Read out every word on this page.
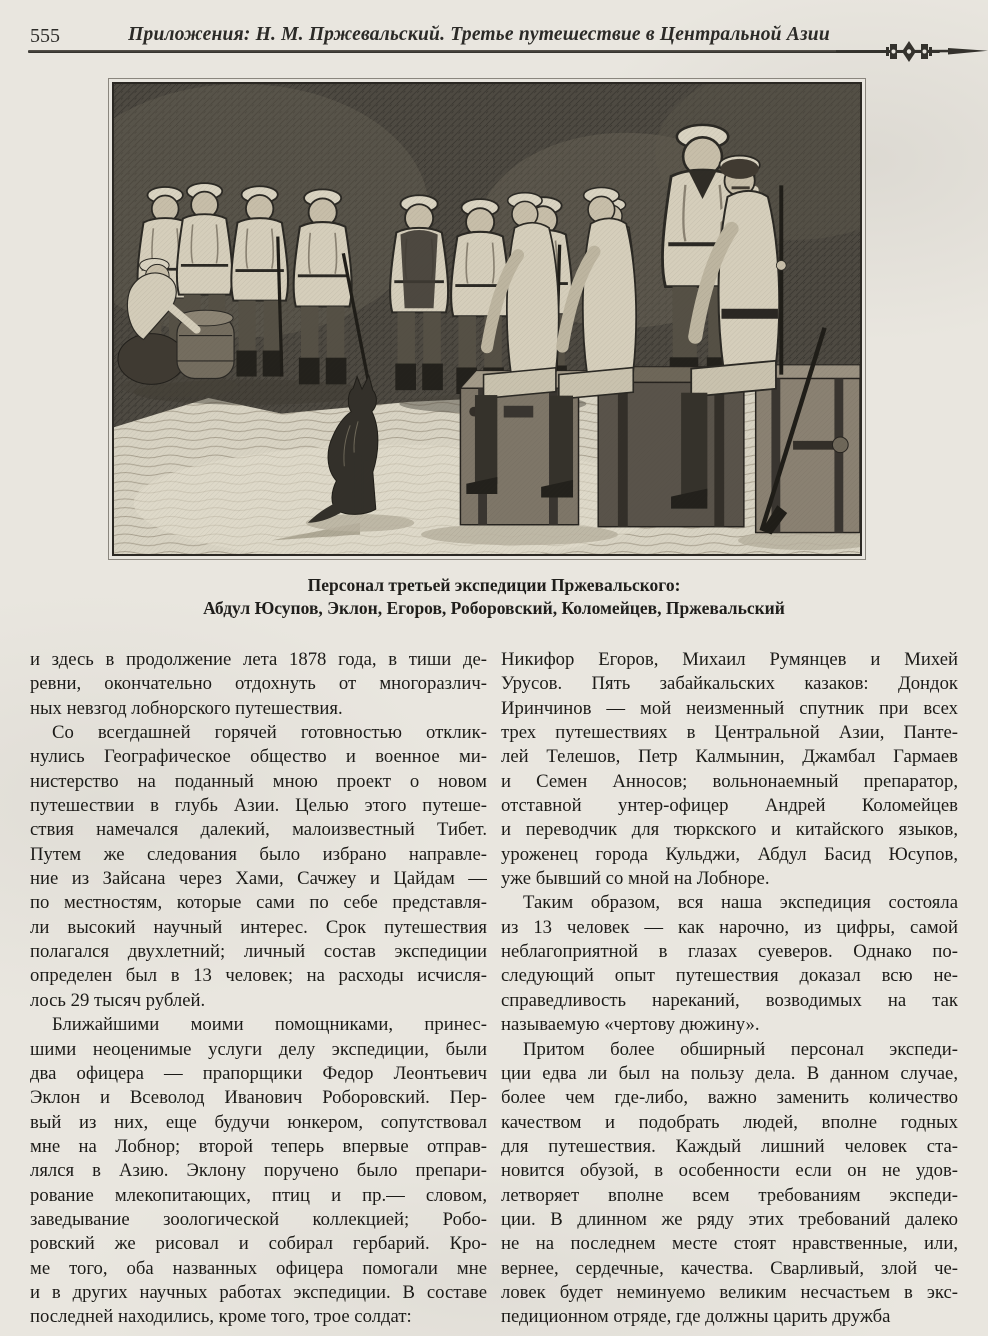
555	Приложения: Н. М. Пржевальский. Третье путешествие в Центральной Азии
Персонал третьей экспедиции Пржевальского:
Абдул Юсупов, Эклон, Егоров, Роборовский, Коломейцев, Пржевальский
и здесь в продолжение лета 1878 года, в тиши де-
ревни, окончательно отдохнуть от многоразлич-
ных невзгод лобнорского путешествия.
Со всегдашней горячей готовностью отклик-
нулись Географическое общество и военное ми-
нистерство на поданный мною проект о новом
путешествии в глубь Азии. Целью этого путеше-
ствия намечался далекий, малоизвестный Тибет.
Путем же следования было избрано направле-
ние из Зайсана через Хами, Сачжеу и Цайдам —
по местностям, которые сами по себе представля-
ли высокий научный интерес. Срок путешествия
полагался двухлетний; личный состав экспедиции
определен был в 13 человек; на расходы исчисля-
лось 29 тысяч рублей.
Ближайшими моими помощниками, принес-
шими неоценимые услуги делу экспедиции, были
два офицера — прапорщики Федор Леонтьевич
Эклон и Всеволод Иванович Роборовский. Пер-
вый из них, еще будучи юнкером, сопутствовал
мне на Лобнор; второй теперь впервые отправ-
лялся в Азию. Эклону поручено было препари-
рование млекопитающих, птиц и пр.— словом,
заведывание зоологической коллекцией; Робо-
ровский же рисовал и собирал гербарий. Кро-
ме того, оба названных офицера помогали мне
и в других научных работах экспедиции. В составе
последней находились, кроме того, трое солдат:
Никифор Егоров, Михаил Румянцев и Михей
Урусов. Пять забайкальских казаков: Дондок
Иринчинов — мой неизменный спутник при всех
трех путешествиях в Центральной Азии, Панте-
лей Телешов, Петр Калмынин, Джамбал Гармаев
и Семен Анносов; вольнонаемный препаратор,
отставной унтер-офицер Андрей Коломейцев
и переводчик для тюркского и китайского языков,
уроженец города Кульджи, Абдул Басид Юсупов,
уже бывший со мной на Лобноре.
Таким образом, вся наша экспедиция состояла
из 13 человек — как нарочно, из цифры, самой
неблагоприятной в глазах суеверов. Однако по-
следующий опыт путешествия доказал всю не-
справедливость нареканий, возводимых на так
называемую «чертову дюжину».
Притом более обширный персонал экспеди-
ции едва ли был на пользу дела. В данном случае,
более чем где-либо, важно заменить количество
качеством и подобрать людей, вполне годных
для путешествия. Каждый лишний человек ста-
новится обузой, в особенности если он не удов-
летворяет вполне всем требованиям экспеди-
ции. В длинном же ряду этих требований далеко
не на последнем месте стоят нравственные, или,
вернее, сердечные, качества. Сварливый, злой че-
ловек будет неминуемо великим несчастьем в экс-
педиционном отряде, где должны царить дружба
